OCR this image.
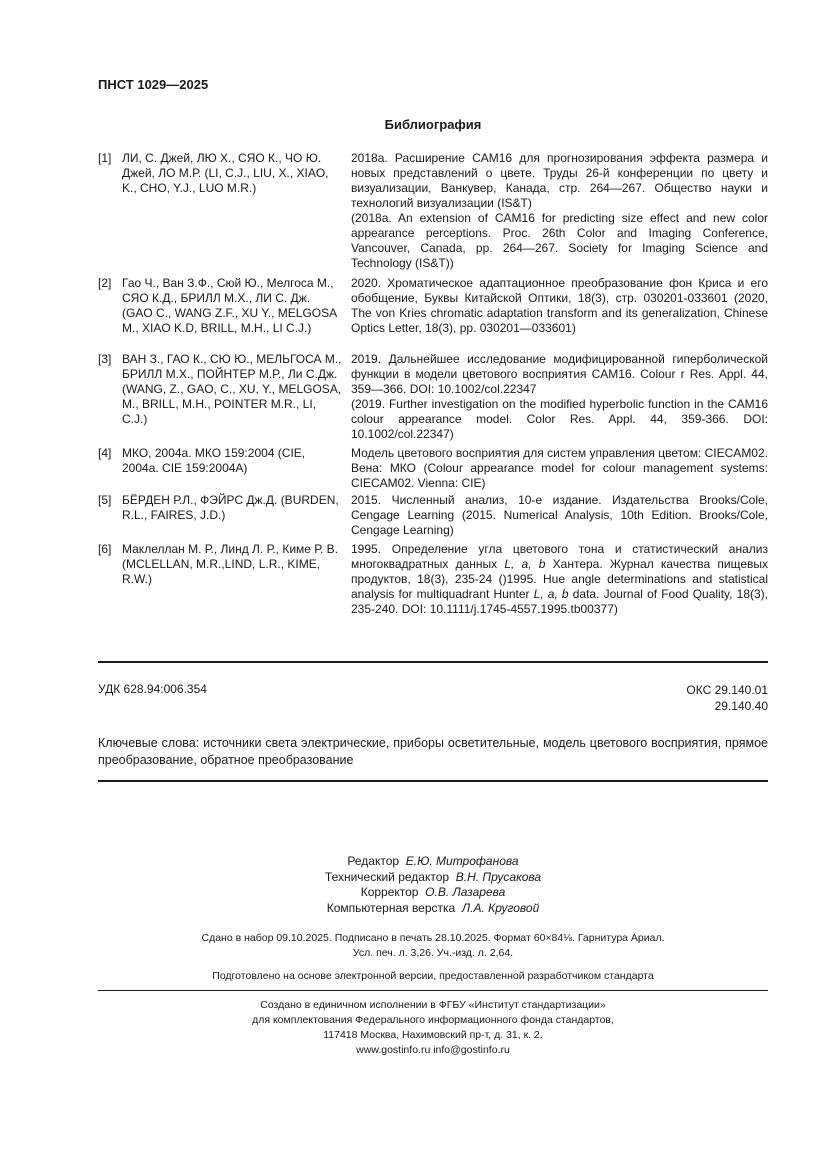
ПНСТ 1029—2025
Библиография
[1] ЛИ, С. Джей, ЛЮ Х., СЯО К., ЧО Ю. Джей, ЛО М.Р. (LI, C.J., LIU, X., XIAO, K., CHO, Y.J., LUO M.R.)

2018a. Расширение CAM16 для прогнозирования эффекта размера и новых представлений о цвете. Труды 26-й конференции по цвету и визуализации, Ванкувер, Канада, стр. 264—267. Общество науки и технологий визуализации (IS&T)

(2018a. An extension of CAM16 for predicting size effect and new color appearance perceptions. Proc. 26th Color and Imaging Conference, Vancouver, Canada, pp. 264—267. Society for Imaging Science and Technology (IS&T))

[2] Гао Ч., Ван З.Ф., Сюй Ю., Мелгоса М., СЯО К.Д., БРИЛЛ М.Х., ЛИ С. Дж. (GAO C., WANG Z.F., XU Y., MELGOSA M., XIAO K.D, BRILL, M.H., LI C.J.)

2020. Хроматическое адаптационное преобразование фон Криса и его обобщение, Буквы Китайской Оптики, 18(3), стр. 030201-033601 (2020, The von Kries chromatic adaptation transform and its generalization, Chinese Optics Letter, 18(3), pp. 030201—033601)

[3] ВАН З., ГАО К., СЮ Ю., МЕЛЬГОСА М., БРИЛЛ М.Х., ПОЙНТЕР М.Р., Ли С.Дж. (WANG, Z., GAO, C., XU, Y., MELGOSA, M., BRILL, M.H., POINTER M.R., LI, C.J.)

2019. Дальнейшее исследование модифицированной гиперболической функции в модели цветового восприятия CAM16. Colour r Res. Appl. 44, 359—366. DOI: 10.1002/col.22347

(2019. Further investigation on the modified hyperbolic function in the CAM16 colour appearance model. Color Res. Appl. 44, 359-366. DOI: 10.1002/col.22347)

[4] МКО, 2004a. МКО 159:2004 (CIE, 2004a. CIE 159:2004A)

Модель цветового восприятия для систем управления цветом: CIECAM02. Вена: МКО (Colour appearance model for colour management systems: CIECAM02. Vienna: CIE)

[5] БЁРДЕН Р.Л., ФЭЙРС Дж.Д. (BURDEN, R.L., FAIRES, J.D.)

2015. Численный анализ, 10-е издание. Издательства Brooks/Cole, Cengage Learning (2015. Numerical Analysis, 10th Edition. Brooks/Cole, Cengage Learning)

[6] Маклеллан М. Р., Линд Л. Р., Киме Р. В. (MCLELLAN, M.R.,LIND, L.R., KIME, R.W.)

1995. Определение угла цветового тона и статистический анализ многоквадратных данных L, a, b Хантера. Журнал качества пищевых продуктов, 18(3), 235-24 ()1995. Hue angle determinations and statistical analysis for multiquadrant Hunter L, a, b data. Journal of Food Quality, 18(3), 235-240. DOI: 10.1111/j.1745-4557.1995.tb00377)

УДК 628.94:006.354	ОКС 29.140.01
29.140.40
Ключевые слова: источники света электрические, приборы осветительные, модель цветового восприятия, прямое преобразование, обратное преобразование
Редактор Е.Ю. Митрофанова
Технический редактор В.Н. Прусакова
Корректор О.В. Лазарева
Компьютерная верстка Л.А. Круговой
Сдано в набор 09.10.2025. Подписано в печать 28.10.2025. Формат 60×84⅛. Гарнитура Ариал.
Усл. печ. л. 3,26. Уч.-изд. л. 2,64.
Подготовлено на основе электронной версии, предоставленной разработчиком стандарта
Создано в единичном исполнении в ФГБУ «Институт стандартизации»
для комплектования Федерального информационного фонда стандартов,
117418 Москва, Нахимовский пр-т, д. 31, к. 2.
www.gostinfo.ru info@gostinfo.ru
